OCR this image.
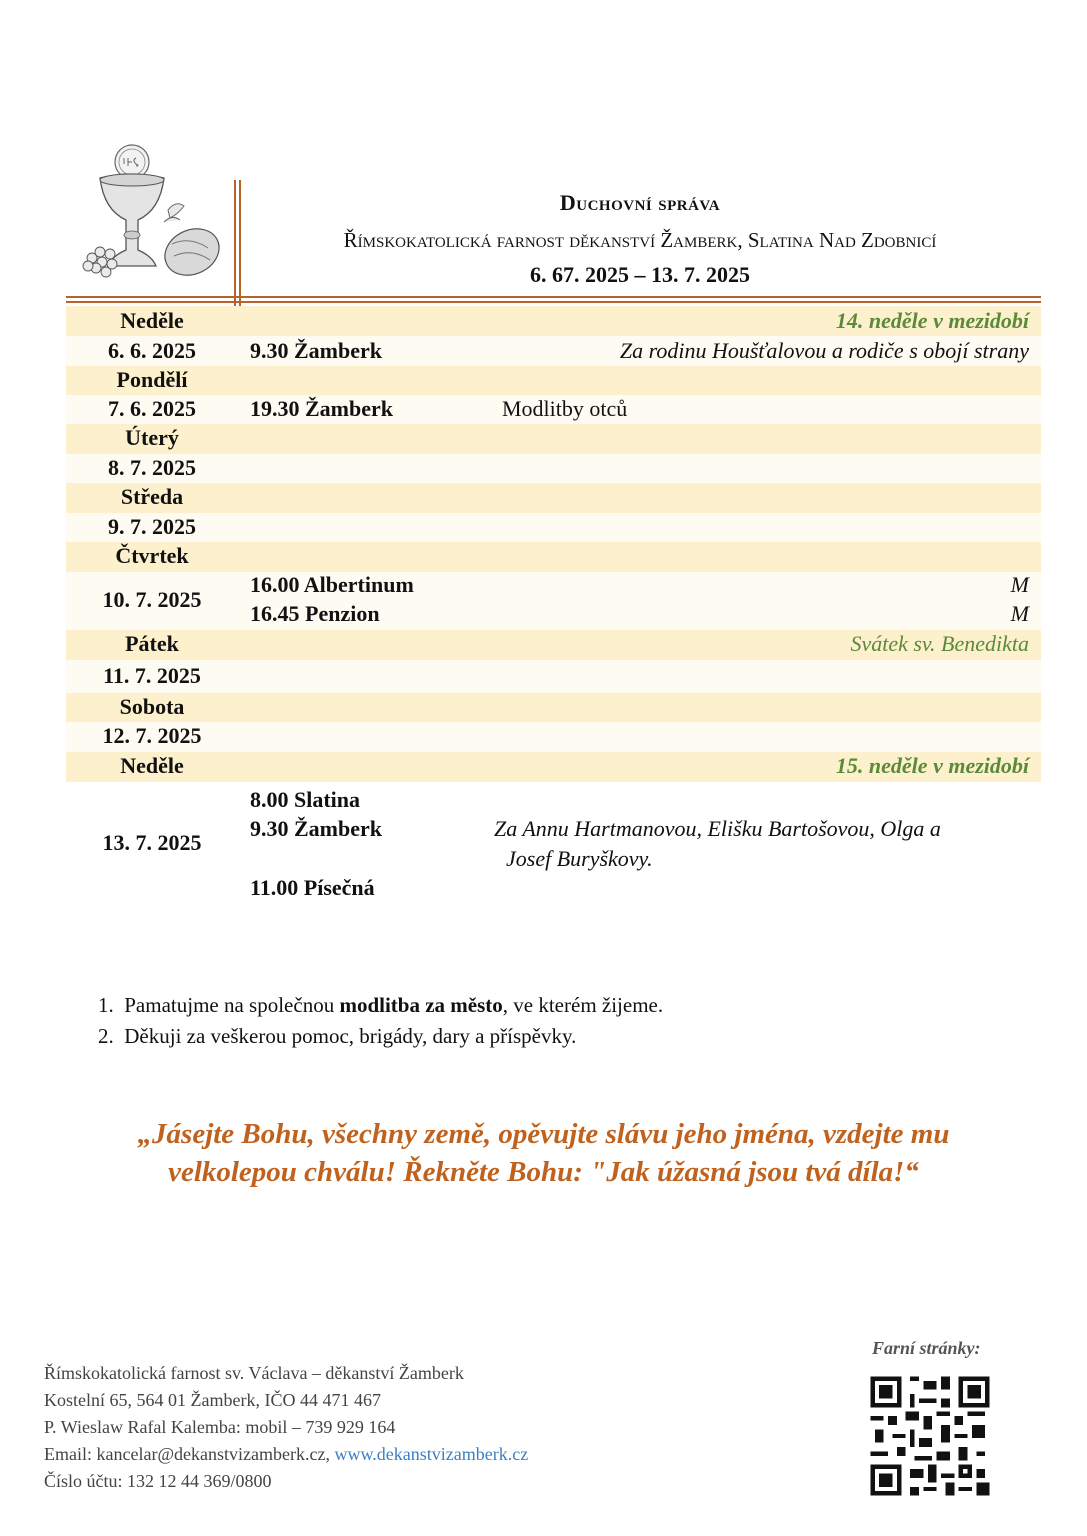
Duchovní správa
Římskokatolická farnost děkanství Žamberk, Slatina Nad Zdobnicí
6. 67. 2025 – 13. 7. 2025
Neděle	14. neděle v mezidobí
6. 6. 2025	9.30 Žamberk	Za rodinu Houšťalovou a rodiče s obojí strany
Pondělí
7. 6. 2025	19.30 Žamberk	Modlitby otců
Úterý
8. 7. 2025
Středa
9. 7. 2025
Čtvrtek
10. 7. 2025
16.00 Albertinum	M
16.45 Penzion	M
Pátek	Svátek sv. Benedikta
11. 7. 2025
Sobota
12. 7. 2025
Neděle	15. neděle v mezidobí
13. 7. 2025
8.00 Slatina
9.30 Žamberk	Za Annu Hartmanovou, Elišku Bartošovou, Olga a
Josef Buryškovy.
11.00 Písečná
1. Pamatujme na společnou modlitba za město, ve kterém žijeme.
2. Děkuji za veškerou pomoc, brigády, dary a příspěvky.
„Jásejte Bohu, všechny země, opěvujte slávu jeho jména, vzdejte mu
velkolepou chválu! Řekněte Bohu: "Jak úžasná jsou tvá díla!“
Římskokatolická farnost sv. Václava – děkanství Žamberk
Kostelní 65, 564 01 Žamberk, IČO 44 471 467
P. Wieslaw Rafal Kalemba: mobil – 739 929 164
Email: kancelar@dekanstvizamberk.cz, www.dekanstvizamberk.cz
Číslo účtu: 132 12 44 369/0800
Farní stránky:
